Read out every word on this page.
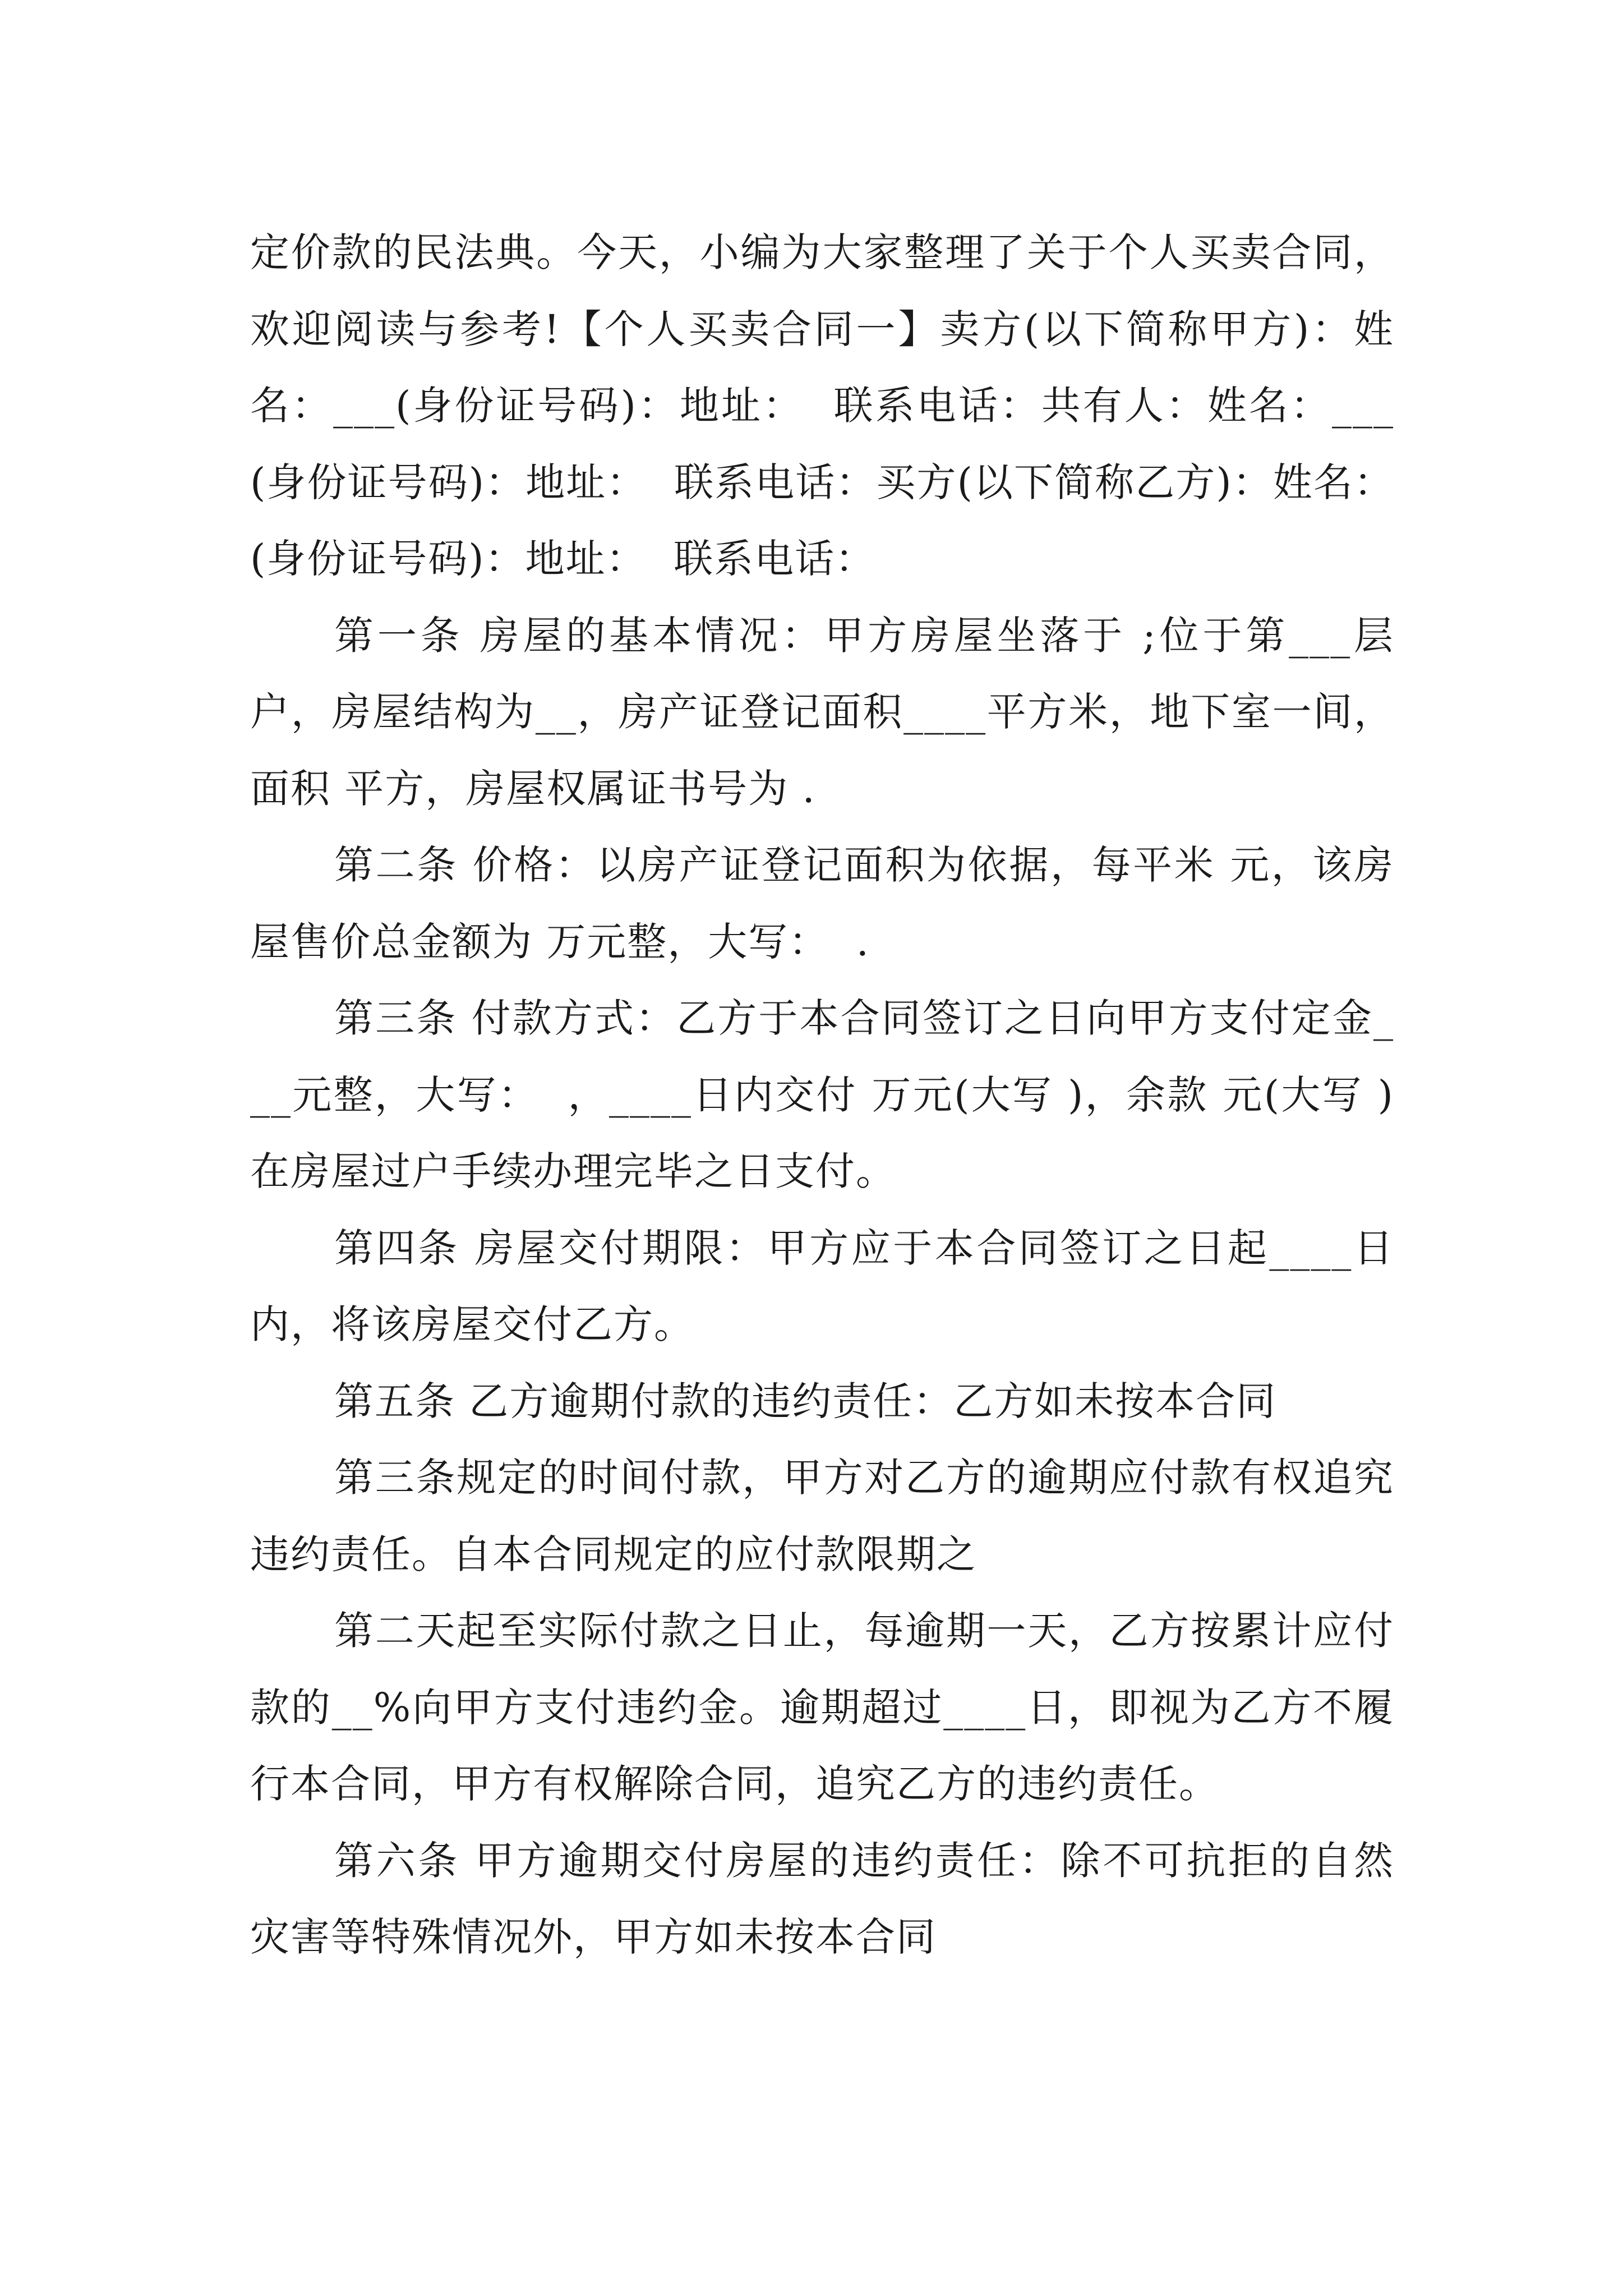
定价款的民法典。今天，小编为大家整理了关于个人买卖合同，欢迎阅读与参考!【个人买卖合同一】卖方(以下简称甲方)：姓名：___(身份证号码)：地址：  联系电话：共有人：姓名：___(身份证号码)：地址：  联系电话：买方(以下简称乙方)：姓名：  (身份证号码)：地址：  联系电话：

第一条 房屋的基本情况：甲方房屋坐落于 ;位于第___层 户，房屋结构为__，房产证登记面积____平方米，地下室一间，面积 平方，房屋权属证书号为 .

第二条 价格：以房产证登记面积为依据，每平米 元，该房屋售价总金额为 万元整，大写：  .

第三条 付款方式：乙方于本合同签订之日向甲方支付定金___元整，大写：  ，____日内交付 万元(大写 )，余款 元(大写 )在房屋过户手续办理完毕之日支付。

第四条 房屋交付期限：甲方应于本合同签订之日起____日内，将该房屋交付乙方。

第五条 乙方逾期付款的违约责任：乙方如未按本合同

第三条规定的时间付款，甲方对乙方的逾期应付款有权追究违约责任。自本合同规定的应付款限期之

第二天起至实际付款之日止，每逾期一天，乙方按累计应付款的__%向甲方支付违约金。逾期超过____日，即视为乙方不履行本合同，甲方有权解除合同，追究乙方的违约责任。

第六条 甲方逾期交付房屋的违约责任：除不可抗拒的自然灾害等特殊情况外，甲方如未按本合同
